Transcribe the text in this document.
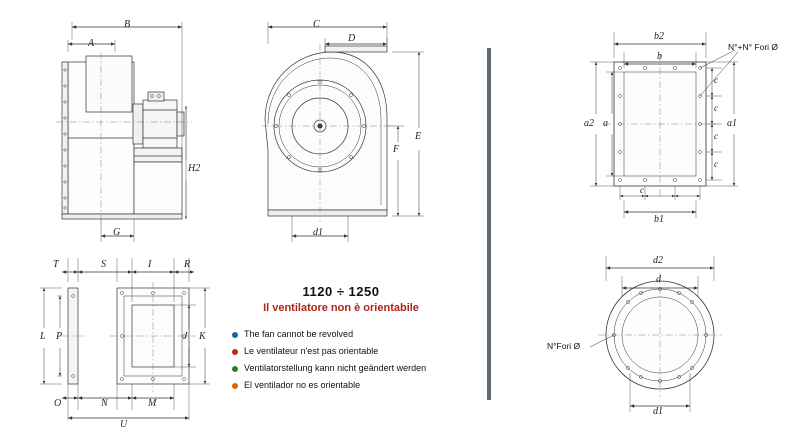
A
B
H2
G
C
D
E
F
d1
T	S	I	R
L P	J K
O	N	M
U
b2
b
a1
a
a2
c
c
c
c
c
b1
N°+N° Fori Ø
d2
d
d1
N°Fori Ø
1120 ÷ 1250
Il ventilatore non è orientabile
The fan cannot be revolved
Le ventilateur n'est pas orientable
Ventilatorstellung kann nicht geändert werden
El ventilador no es orientable
